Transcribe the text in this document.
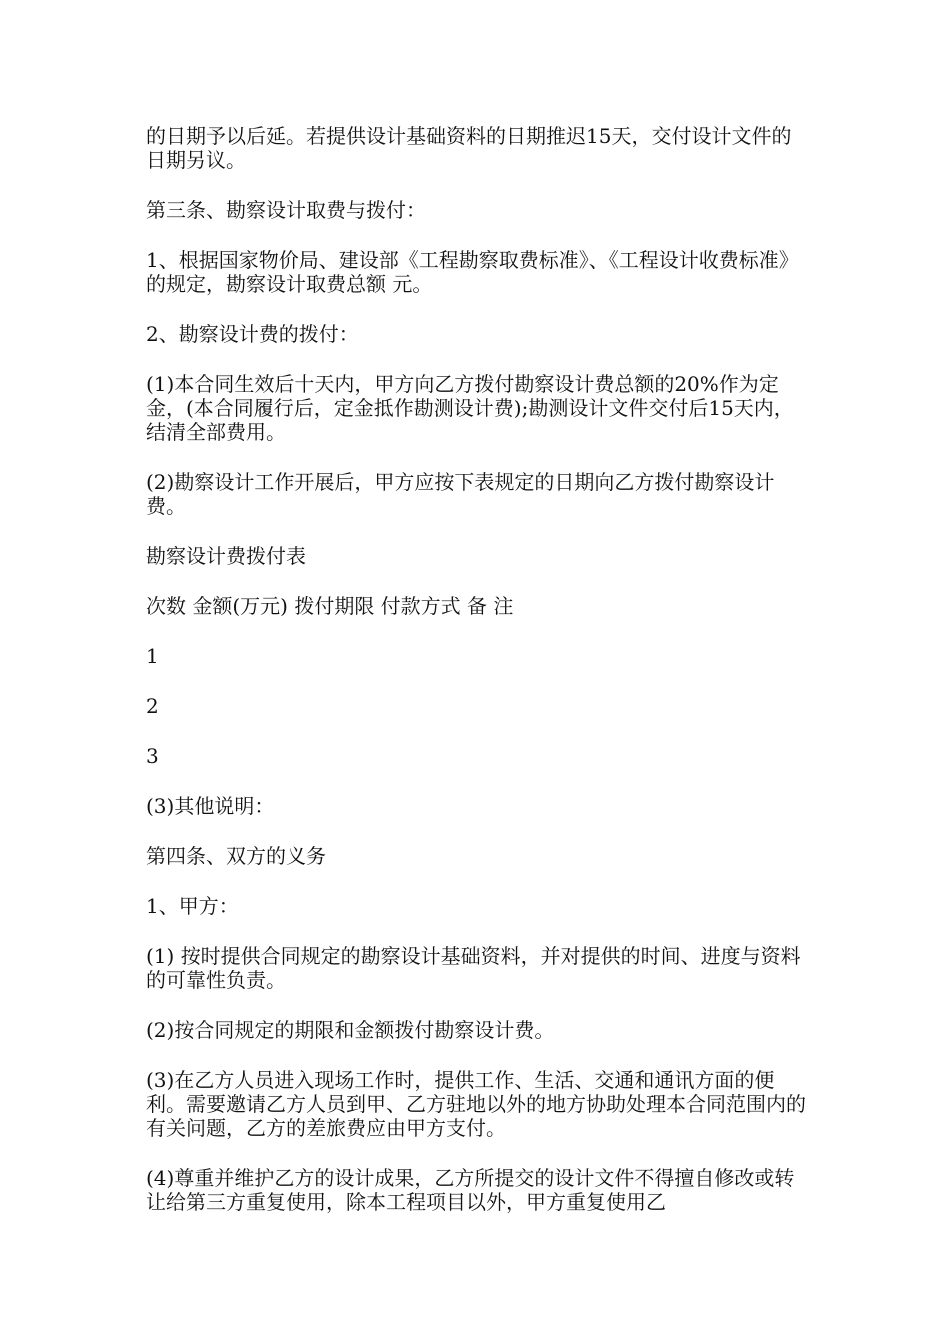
的日期予以后延。若提供设计基础资料的日期推迟15天，交付设计文件的日期另议。

第三条、勘察设计取费与拨付：

1、根据国家物价局、建设部《工程勘察取费标准》、《工程设计收费标准》的规定，勘察设计取费总额 元。

2、勘察设计费的拨付：

(1)本合同生效后十天内，甲方向乙方拨付勘察设计费总额的20%作为定金，(本合同履行后，定金抵作勘测设计费);勘测设计文件交付后15天内，结清全部费用。

(2)勘察设计工作开展后，甲方应按下表规定的日期向乙方拨付勘察设计费。

勘察设计费拨付表

次数 金额(万元) 拨付期限 付款方式 备 注

1

2

3

(3)其他说明：

第四条、双方的义务

1、甲方：

(1) 按时提供合同规定的勘察设计基础资料，并对提供的时间、进度与资料的可靠性负责。

(2)按合同规定的期限和金额拨付勘察设计费。

(3)在乙方人员进入现场工作时，提供工作、生活、交通和通讯方面的便利。需要邀请乙方人员到甲、乙方驻地以外的地方协助处理本合同范围内的有关问题，乙方的差旅费应由甲方支付。

(4)尊重并维护乙方的设计成果，乙方所提交的设计文件不得擅自修改或转让给第三方重复使用，除本工程项目以外，甲方重复使用乙
